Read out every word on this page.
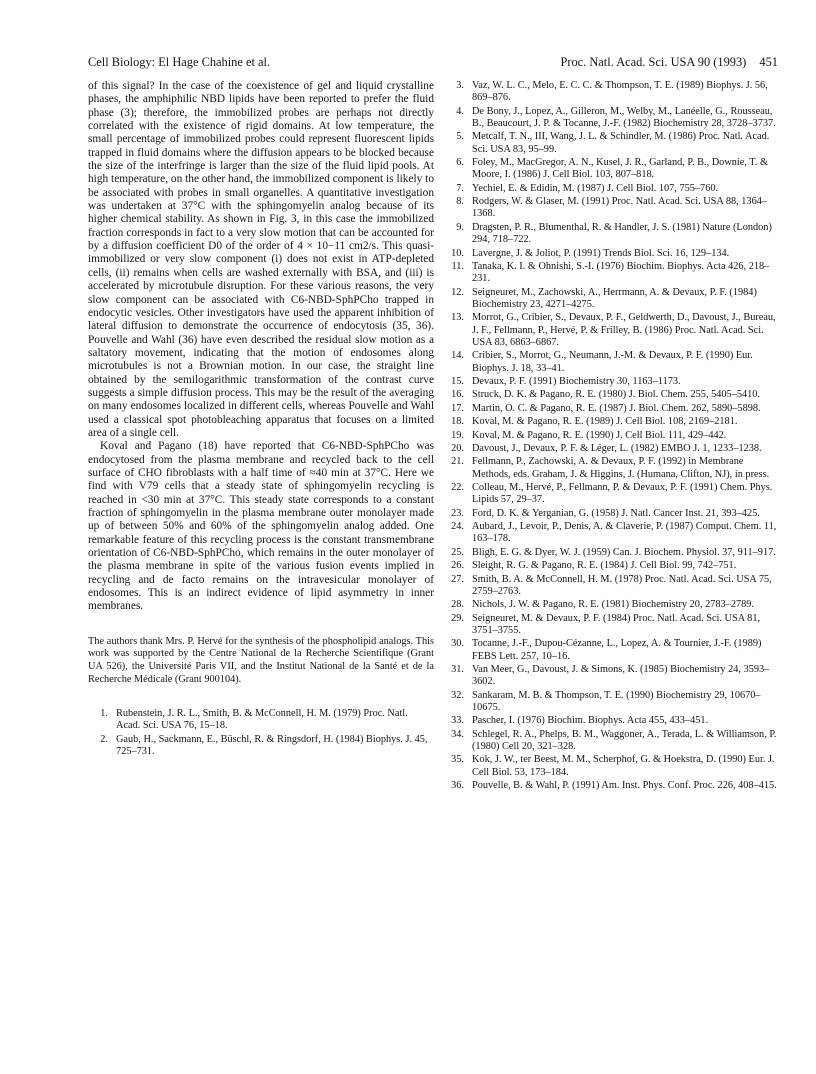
Cell Biology: El Hage Chahine et al.	Proc. Natl. Acad. Sci. USA 90 (1993) 451

of this signal? In the case of the coexistence of gel and liquid crystalline phases, the amphiphilic NBD lipids have been reported to prefer the fluid phase (3); therefore, the immobilized probes are perhaps not directly correlated with the existence of rigid domains. At low temperature, the small percentage of immobilized probes could represent fluorescent lipids trapped in fluid domains where the diffusion appears to be blocked because the size of the interfringe is larger than the size of the fluid lipid pools. At high temperature, on the other hand, the immobilized component is likely to be associated with probes in small organelles. A quantitative investigation was undertaken at 37°C with the sphingomyelin analog because of its higher chemical stability. As shown in Fig. 3, in this case the immobilized fraction corresponds in fact to a very slow motion that can be accounted for by a diffusion coefficient D0 of the order of 4 × 10−11 cm2/s. This quasi-immobilized or very slow component (i) does not exist in ATP-depleted cells, (ii) remains when cells are washed externally with BSA, and (iii) is accelerated by microtubule disruption. For these various reasons, the very slow component can be associated with C6-NBD-SphPCho trapped in endocytic vesicles. Other investigators have used the apparent inhibition of lateral diffusion to demonstrate the occurrence of endocytosis (35, 36). Pouvelle and Wahl (36) have even described the residual slow motion as a saltatory movement, indicating that the motion of endosomes along microtubules is not a Brownian motion. In our case, the straight line obtained by the semilogarithmic transformation of the contrast curve suggests a simple diffusion process. This may be the result of the averaging on many endosomes localized in different cells, whereas Pouvelle and Wahl used a classical spot photobleaching apparatus that focuses on a limited area of a single cell.

Koval and Pagano (18) have reported that C6-NBD-SphPCho was endocytosed from the plasma membrane and recycled back to the cell surface of CHO fibroblasts with a half time of ≈40 min at 37°C. Here we find with V79 cells that a steady state of sphingomyelin recycling is reached in <30 min at 37°C. This steady state corresponds to a constant fraction of sphingomyelin in the plasma membrane outer monolayer made up of between 50% and 60% of the sphingomyelin analog added. One remarkable feature of this recycling process is the constant transmembrane orientation of C6-NBD-SphPCho, which remains in the outer monolayer of the plasma membrane in spite of the various fusion events implied in recycling and de facto remains on the intravesicular monolayer of endosomes. This is an indirect evidence of lipid asymmetry in inner membranes.

The authors thank Mrs. P. Hervé for the synthesis of the phospholipid analogs. This work was supported by the Centre National de la Recherche Scientifique (Grant UA 526), the Université Paris VII, and the Institut National de la Santé et de la Recherche Médicale (Grant 900104).

1. Rubenstein, J. R. L., Smith, B. & McConnell, H. M. (1979) Proc. Natl. Acad. Sci. USA 76, 15–18.
2. Gaub, H., Sackmann, E., Büschl, R. & Ringsdorf, H. (1984) Biophys. J. 45, 725–731.
3. Vaz, W. L. C., Melo, E. C. C. & Thompson, T. E. (1989) Biophys. J. 56, 869–876.
4. De Bony, J., Lopez, A., Gilleron, M., Welby, M., Lanéelle, G., Rousseau, B., Beaucourt, J. P. & Tocanne, J.-F. (1982) Biochemistry 28, 3728–3737.
5. Metcalf, T. N., III, Wang, J. L. & Schindler, M. (1986) Proc. Natl. Acad. Sci. USA 83, 95–99.
6. Foley, M., MacGregor, A. N., Kusel, J. R., Garland, P. B., Downie, T. & Moore, I. (1986) J. Cell Biol. 103, 807–818.
7. Yechiel, E. & Edidin, M. (1987) J. Cell Biol. 107, 755–760.
8. Rodgers, W. & Glaser, M. (1991) Proc. Natl. Acad. Sci. USA 88, 1364–1368.
9. Dragsten, P. R., Blumenthal, R. & Handler, J. S. (1981) Nature (London) 294, 718–722.
10. Lavergne, J. & Joliot, P. (1991) Trends Biol. Sci. 16, 129–134.
11. Tanaka, K. I. & Ohnishi, S.-I. (1976) Biochim. Biophys. Acta 426, 218–231.
12. Seigneuret, M., Zachowski, A., Herrmann, A. & Devaux, P. F. (1984) Biochemistry 23, 4271–4275.
13. Morrot, G., Cribier, S., Devaux, P. F., Geldwerth, D., Davoust, J., Bureau, J. F., Fellmann, P., Hervé, P. & Frilley, B. (1986) Proc. Natl. Acad. Sci. USA 83, 6863–6867.
14. Cribier, S., Morrot, G., Neumann, J.-M. & Devaux, P. F. (1990) Eur. Biophys. J. 18, 33–41.
15. Devaux, P. F. (1991) Biochemistry 30, 1163–1173.
16. Struck, D. K. & Pagano, R. E. (1980) J. Biol. Chem. 255, 5405–5410.
17. Martin, O. C. & Pagano, R. E. (1987) J. Biol. Chem. 262, 5890–5898.
18. Koval, M. & Pagano, R. E. (1989) J. Cell Biol. 108, 2169–2181.
19. Koval, M. & Pagano, R. E. (1990) J. Cell Biol. 111, 429–442.
20. Davoust, J., Devaux, P. F. & Léger, L. (1982) EMBO J. 1, 1233–1238.
21. Fellmann, P., Zachowski, A. & Devaux, P. F. (1992) in Membrane Methods, eds. Graham, J. & Higgins, J. (Humana, Clifton, NJ), in press.
22. Colleau, M., Hervé, P., Fellmann, P. & Devaux, P. F. (1991) Chem. Phys. Lipids 57, 29–37.
23. Ford, D. K. & Yerganian, G. (1958) J. Natl. Cancer Inst. 21, 393–425.
24. Aubard, J., Levoir, P., Denis, A. & Claverie, P. (1987) Comput. Chem. 11, 163–178.
25. Bligh, E. G. & Dyer, W. J. (1959) Can. J. Biochem. Physiol. 37, 911–917.
26. Sleight, R. G. & Pagano, R. E. (1984) J. Cell Biol. 99, 742–751.
27. Smith, B. A. & McConnell, H. M. (1978) Proc. Natl. Acad. Sci. USA 75, 2759–2763.
28. Nichols, J. W. & Pagano, R. E. (1981) Biochemistry 20, 2783–2789.
29. Seigneuret, M. & Devaux, P. F. (1984) Proc. Natl. Acad. Sci. USA 81, 3751–3755.
30. Tocanne, J.-F., Dupou-Cézanne, L., Lopez, A. & Tournier, J.-F. (1989) FEBS Lett. 257, 10–16.
31. Van Meer, G., Davoust, J. & Simons, K. (1985) Biochemistry 24, 3593–3602.
32. Sankaram, M. B. & Thompson, T. E. (1990) Biochemistry 29, 10670–10675.
33. Pascher, I. (1976) Biochim. Biophys. Acta 455, 433–451.
34. Schlegel, R. A., Phelps, B. M., Waggoner, A., Terada, L. & Williamson, P. (1980) Cell 20, 321–328.
35. Kok, J. W., ter Beest, M. M., Scherphof, G. & Hoekstra, D. (1990) Eur. J. Cell Biol. 53, 173–184.
36. Pouvelle, B. & Wahl, P. (1991) Am. Inst. Phys. Conf. Proc. 226, 408–415.
